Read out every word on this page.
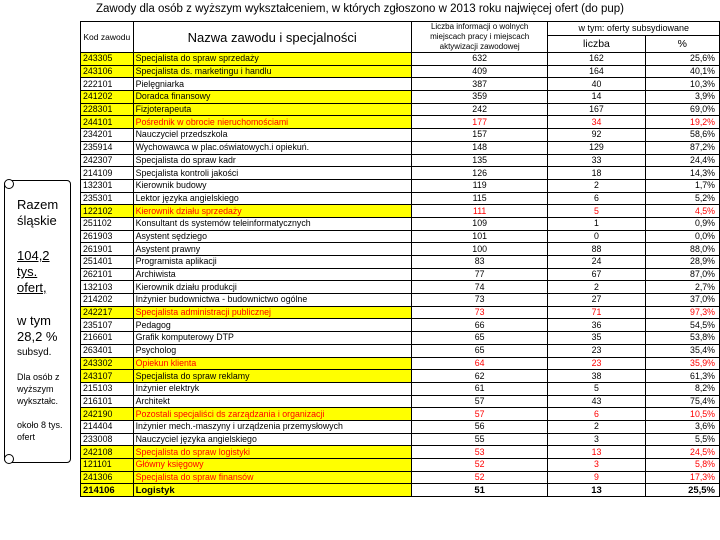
Zawody dla osób z wyższym wykształceniem, w których zgłoszono w 2013 roku najwięcej ofert (do pup)
Razem śląskie
104,2 tys. ofert,
w tym 28,2 %
subsyd.
Dla osób z wyższym wykształc.
około 8 tys. ofert
Kod zawodu	Nazwa zawodu i specjalności	Liczba informacji o wolnych miejscach pracy i miejscach aktywizacji zawodowej	w tym: oferty subsydiowane	
			liczba	%
243305	Specjalista do spraw sprzedaży	632	162	25,6%
243106	Specjalista ds. marketingu i handlu	409	164	40,1%
222101	Pielęgniarka	387	40	10,3%
241202	Doradca finansowy	359	14	3,9%
228301	Fizjoterapeuta	242	167	69,0%
244101	Pośrednik w obrocie nieruchomościami	177	34	19,2%
234201	Nauczyciel przedszkola	157	92	58,6%
235914	Wychowawca w plac.oświatowych.i opiekuń.	148	129	87,2%
242307	Specjalista do spraw kadr	135	33	24,4%
214109	Specjalista kontroli jakości	126	18	14,3%
132301	Kierownik budowy	119	2	1,7%
235301	Lektor języka angielskiego	115	6	5,2%
122102	Kierownik działu sprzedaży	111	5	4,5%
251102	Konsultant ds systemów teleinformatycznych	109	1	0,9%
261903	Asystent sędziego	101	0	0,0%
261901	Asystent prawny	100	88	88,0%
251401	Programista aplikacji	83	24	28,9%
262101	Archiwista	77	67	87,0%
132103	Kierownik działu produkcji	74	2	2,7%
214202	Inżynier budownictwa - budownictwo ogólne	73	27	37,0%
242217	Specjalista administracji publicznej	73	71	97,3%
235107	Pedagog	66	36	54,5%
216601	Grafik komputerowy DTP	65	35	53,8%
263401	Psycholog	65	23	35,4%
243302	Opiekun klienta	64	23	35,9%
243107	Specjalista do spraw reklamy	62	38	61,3%
215103	Inżynier elektryk	61	5	8,2%
216101	Architekt	57	43	75,4%
242190	Pozostali specjaliści ds zarządzania i organizacji	57	6	10,5%
214404	Inżynier mech.-maszyny i urządzenia przemysłowych	56	2	3,6%
233008	Nauczyciel języka angielskiego	55	3	5,5%
242108	Specjalista do spraw logistyki	53	13	24,5%
121101	Główny księgowy	52	3	5,8%
241306	Specjalista do spraw finansów	52	9	17,3%
214106	Logistyk	51	13	25,5%
